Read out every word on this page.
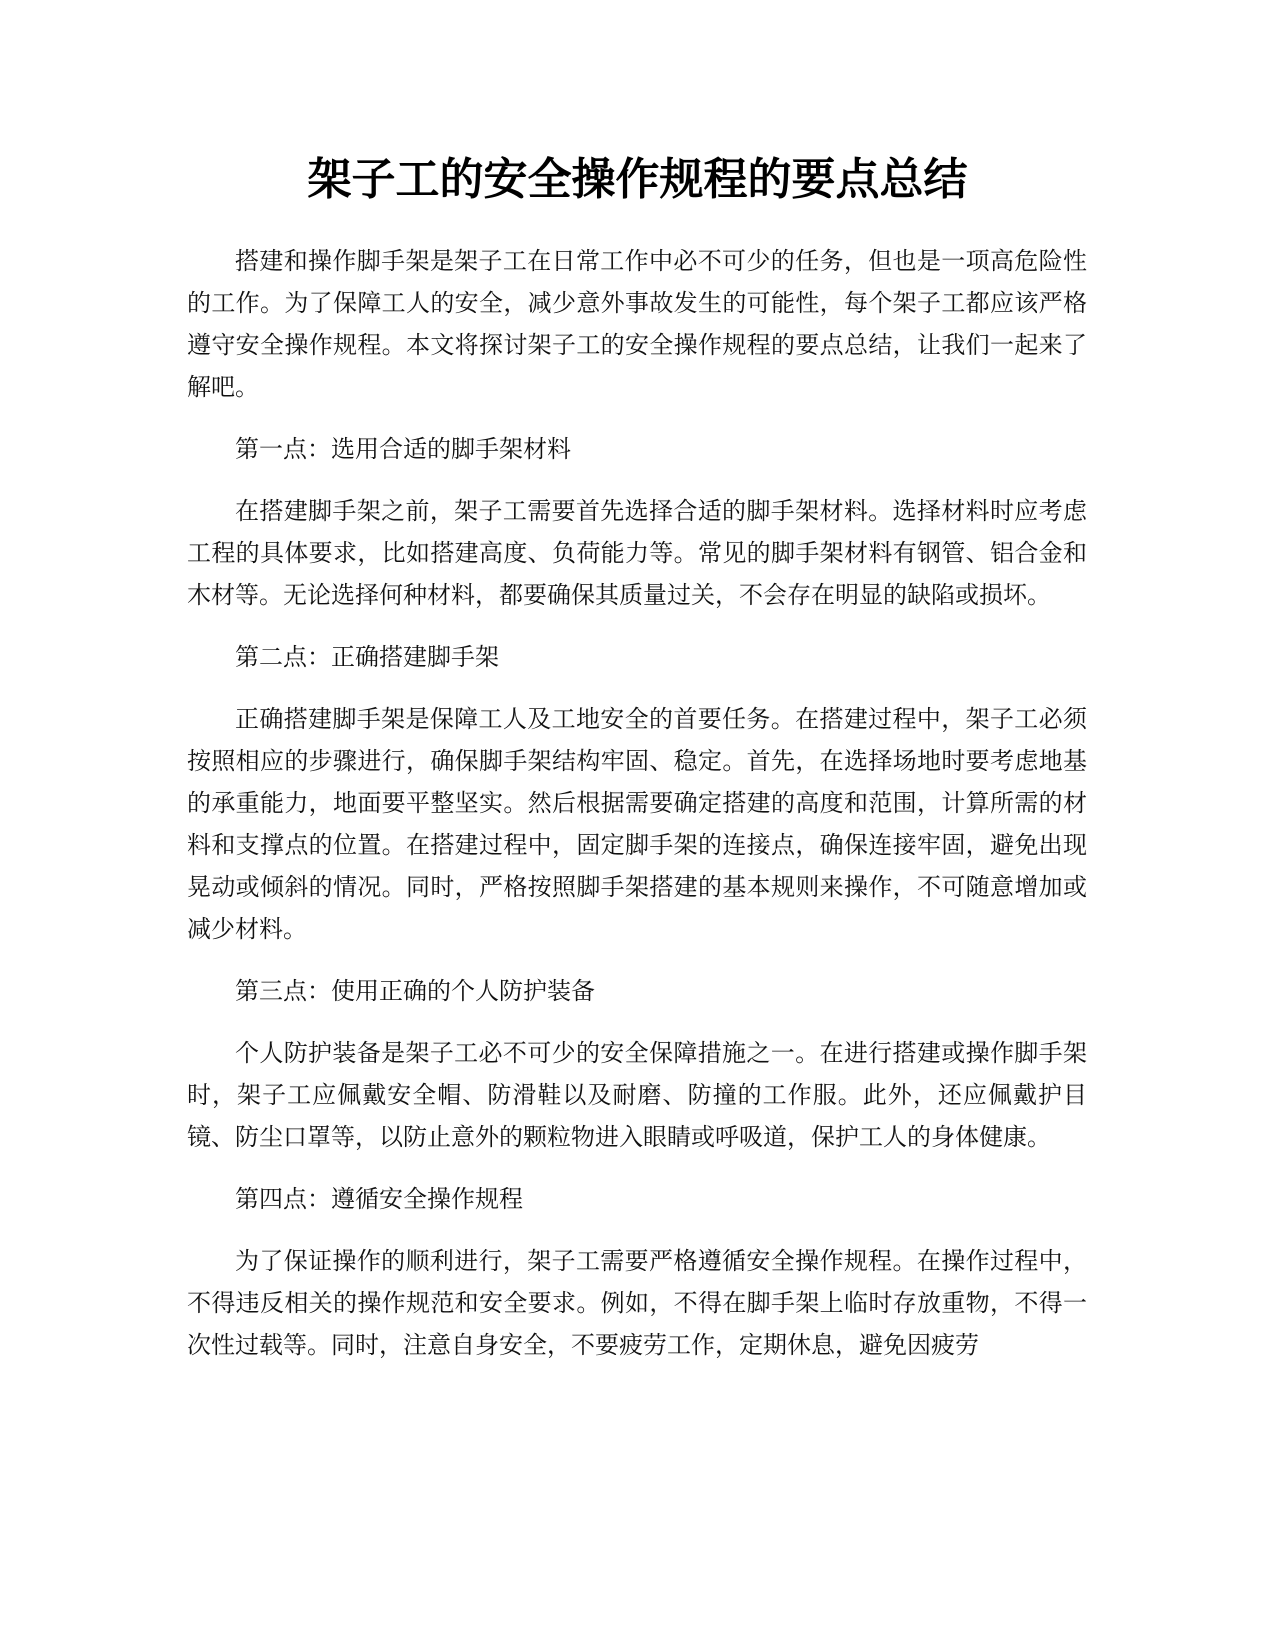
架子工的安全操作规程的要点总结

搭建和操作脚手架是架子工在日常工作中必不可少的任务，但也是一项高危险性的工作。为了保障工人的安全，减少意外事故发生的可能性，每个架子工都应该严格遵守安全操作规程。本文将探讨架子工的安全操作规程的要点总结，让我们一起来了解吧。

第一点：选用合适的脚手架材料

在搭建脚手架之前，架子工需要首先选择合适的脚手架材料。选择材料时应考虑工程的具体要求，比如搭建高度、负荷能力等。常见的脚手架材料有钢管、铝合金和木材等。无论选择何种材料，都要确保其质量过关，不会存在明显的缺陷或损坏。

第二点：正确搭建脚手架

正确搭建脚手架是保障工人及工地安全的首要任务。在搭建过程中，架子工必须按照相应的步骤进行，确保脚手架结构牢固、稳定。首先，在选择场地时要考虑地基的承重能力，地面要平整坚实。然后根据需要确定搭建的高度和范围，计算所需的材料和支撑点的位置。在搭建过程中，固定脚手架的连接点，确保连接牢固，避免出现晃动或倾斜的情况。同时，严格按照脚手架搭建的基本规则来操作，不可随意增加或减少材料。

第三点：使用正确的个人防护装备

个人防护装备是架子工必不可少的安全保障措施之一。在进行搭建或操作脚手架时，架子工应佩戴安全帽、防滑鞋以及耐磨、防撞的工作服。此外，还应佩戴护目镜、防尘口罩等，以防止意外的颗粒物进入眼睛或呼吸道，保护工人的身体健康。

第四点：遵循安全操作规程

为了保证操作的顺利进行，架子工需要严格遵循安全操作规程。在操作过程中，不得违反相关的操作规范和安全要求。例如，不得在脚手架上临时存放重物，不得一次性过载等。同时，注意自身安全，不要疲劳工作，定期休息，避免因疲劳
